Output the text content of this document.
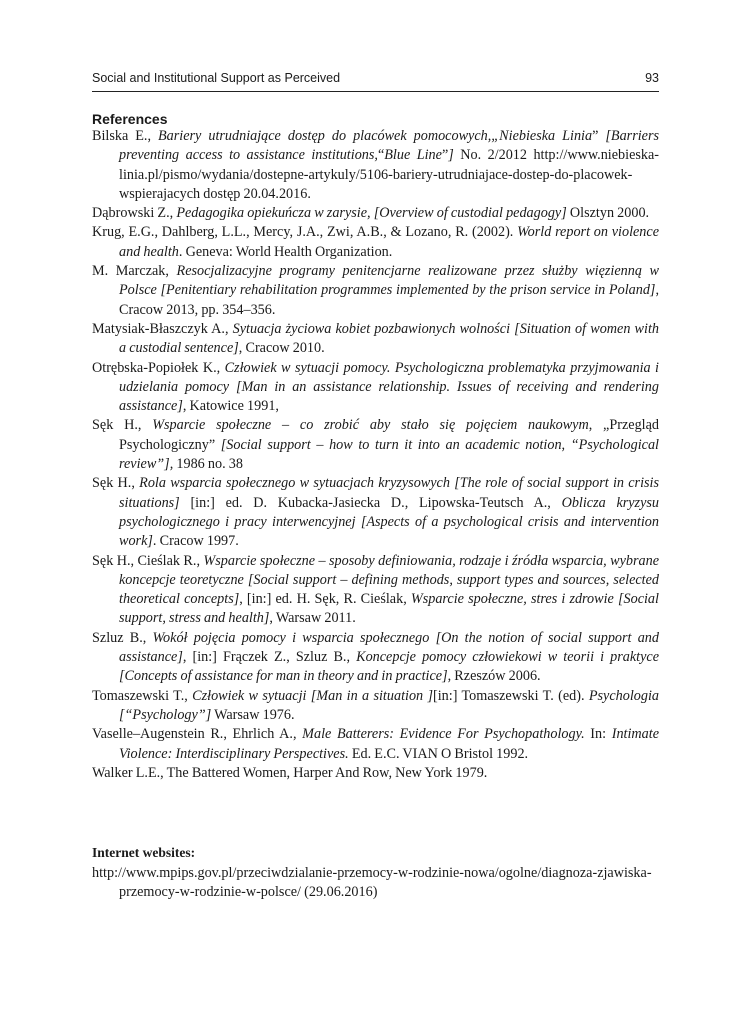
Social and Institutional Support as Perceived	93
References

Bilska E., Bariery utrudniające dostęp do placówek pomocowych,„Niebieska Linia” [Barriers preventing access to assistance institutions,“Blue Line”] No. 2/2012 http://www.niebieska-linia.pl/pismo/wydania/dostepne-artykuly/5106-bariery-utrudniajace-dostep-do-placowek-wspierajacych dostęp 20.04.2016.

Dąbrowski Z., Pedagogika opiekuńcza w zarysie, [Overview of custodial pedagogy] Olsztyn 2000.

Krug, E.G., Dahlberg, L.L., Mercy, J.A., Zwi, A.B., & Lozano, R. (2002). World report on violence and health. Geneva: World Health Organization.

M. Marczak, Resocjalizacyjne programy penitencjarne realizowane przez służby więzienną w Polsce [Penitentiary rehabilitation programmes implemented by the prison service in Poland], Cracow 2013, pp. 354–356.

Matysiak-Błaszczyk A., Sytuacja życiowa kobiet pozbawionych wolności [Situation of women with a custodial sentence], Cracow 2010.

Otrębska-Popiołek K., Człowiek w sytuacji pomocy. Psychologiczna problematyka przyjmowania i udzielania pomocy [Man in an assistance relationship. Issues of receiving and rendering assistance], Katowice 1991,

Sęk H., Wsparcie społeczne – co zrobić aby stało się pojęciem naukowym, „Przegląd Psychologiczny” [Social support – how to turn it into an academic notion, “Psychological review”], 1986 no. 38

Sęk H., Rola wsparcia społecznego w sytuacjach kryzysowych [The role of social support in crisis situations] [in:] ed. D. Kubacka-Jasiecka D., Lipowska-Teutsch A., Oblicza kryzysu psychologicznego i pracy interwencyjnej [Aspects of a psychological crisis and intervention work]. Cracow 1997.

Sęk H., Cieślak R., Wsparcie społeczne – sposoby definiowania, rodzaje i źródła wsparcia, wybrane koncepcje teoretyczne [Social support – defining methods, support types and sources, selected theoretical concepts], [in:] ed. H. Sęk, R. Cieślak, Wsparcie społeczne, stres i zdrowie [Social support, stress and health], Warsaw 2011.

Szluz B., Wokół pojęcia pomocy i wsparcia społecznego [On the notion of social support and assistance], [in:] Frączek Z., Szluz B., Koncepcje pomocy człowiekowi w teorii i praktyce [Concepts of assistance for man in theory and in practice], Rzeszów 2006.

Tomaszewski T., Człowiek w sytuacji [Man in a situation ][in:] Tomaszewski T. (ed). Psychologia [“Psychology”] Warsaw 1976.

Vaselle–Augenstein R., Ehrlich A., Male Batterers: Evidence For Psychopathology. In: Intimate Violence: Interdisciplinary Perspectives. Ed. E.C. VIAN O Bristol 1992.

Walker L.E., The Battered Women, Harper And Row, New York 1979.

Internet websites:

http://www.mpips.gov.pl/przeciwdzialanie-przemocy-w-rodzinie-nowa/ogolne/diagnoza-zjawiska-przemocy-w-rodzinie-w-polsce/ (29.06.2016)
